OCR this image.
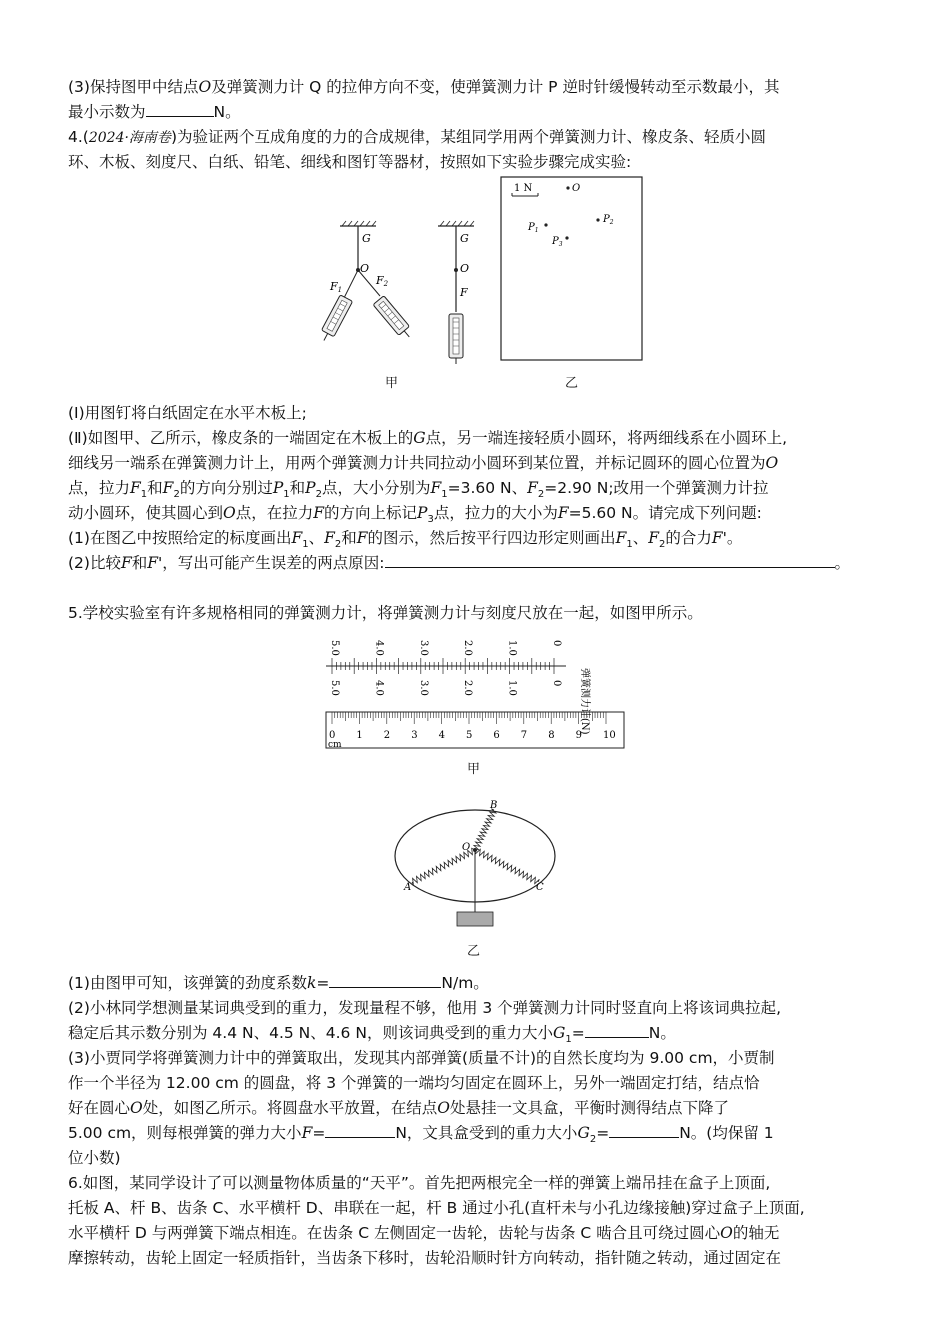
(3)保持图甲中结点O及弹簧测力计 Q 的拉伸方向不变，使弹簧测力计 P 逆时针缓慢转动至示数最小，其
最小示数为	N。
4.(2024·海南卷)为验证两个互成角度的力的合成规律，某组同学用两个弹簧测力计、橡皮条、轻质小圆
环、木板、刻度尺、白纸、铅笔、细线和图钉等器材，按照如下实验步骤完成实验:
G
O
F1
F2
G
O
F
1 N	O
$P_1$
$P_2$
$P_3$
甲	乙
(Ⅰ)用图钉将白纸固定在水平木板上;
(Ⅱ)如图甲、乙所示，橡皮条的一端固定在木板上的G点，另一端连接轻质小圆环，将两细线系在小圆环上,
细线另一端系在弹簧测力计上，用两个弹簧测力计共同拉动小圆环到某位置，并标记圆环的圆心位置为O
点，拉力$F_1$和$F_2$的方向分别过$P_1$和$P_2$点，大小分别为$F_1=3.60$ N、$F_2=2.90$ N;改用一个弹簧测力计拉
动小圆环，使其圆心到O点，在拉力F的方向上标记$P_3$点，拉力的大小为F=5.60 N。请完成下列问题:
(1)在图乙中按照给定的标度画出$F_1$、$F_2$和F的图示，然后按平行四边形定则画出$F_1$、$F_2$的合力F'。
(2)比较F和F'，写出可能产生误差的两点原因:	。
5.学校实验室有许多规格相同的弹簧测力计，将弹簧测力计与刻度尺放在一起，如图甲所示。
5.0	4.0	3.0	2.0	1.0	0
5.0	4.0	3.0	2.0	1.0	0
0 1 2 3 4 5 6 7 8 9 10
cm
弹簧测力计(N)
甲
B
O
A	C
乙
(1)由图甲可知，该弹簧的劲度系数k=	N/m。
(2)小林同学想测量某词典受到的重力，发现量程不够，他用 3 个弹簧测力计同时竖直向上将该词典拉起,
稳定后其示数分别为 4.4 N、4.5 N、4.6 N，则该词典受到的重力大小$G_1=$	N。
(3)小贾同学将弹簧测力计中的弹簧取出，发现其内部弹簧(质量不计)的自然长度均为 9.00 cm，小贾制
作一个半径为 12.00 cm 的圆盘，将 3 个弹簧的一端均匀固定在圆环上，另外一端固定打结，结点恰
好在圆心O处，如图乙所示。将圆盘水平放置，在结点O处悬挂一文具盒，平衡时测得结点下降了
5.00 cm，则每根弹簧的弹力大小F=	N，文具盒受到的重力大小$G_2=$	N。(均保留 1
位小数)
6.如图，某同学设计了可以测量物体质量的“天平”。首先把两根完全一样的弹簧上端吊挂在盒子上顶面,
托板 A、杆 B、齿条 C、水平横杆 D、串联在一起，杆 B 通过小孔(直杆未与小孔边缘接触)穿过盒子上顶面,
水平横杆 D 与两弹簧下端点相连。在齿条 C 左侧固定一齿轮，齿轮与齿条 C 啮合且可绕过圆心O的轴无
摩擦转动，齿轮上固定一轻质指针，当齿条下移时，齿轮沿顺时针方向转动，指针随之转动，通过固定在
